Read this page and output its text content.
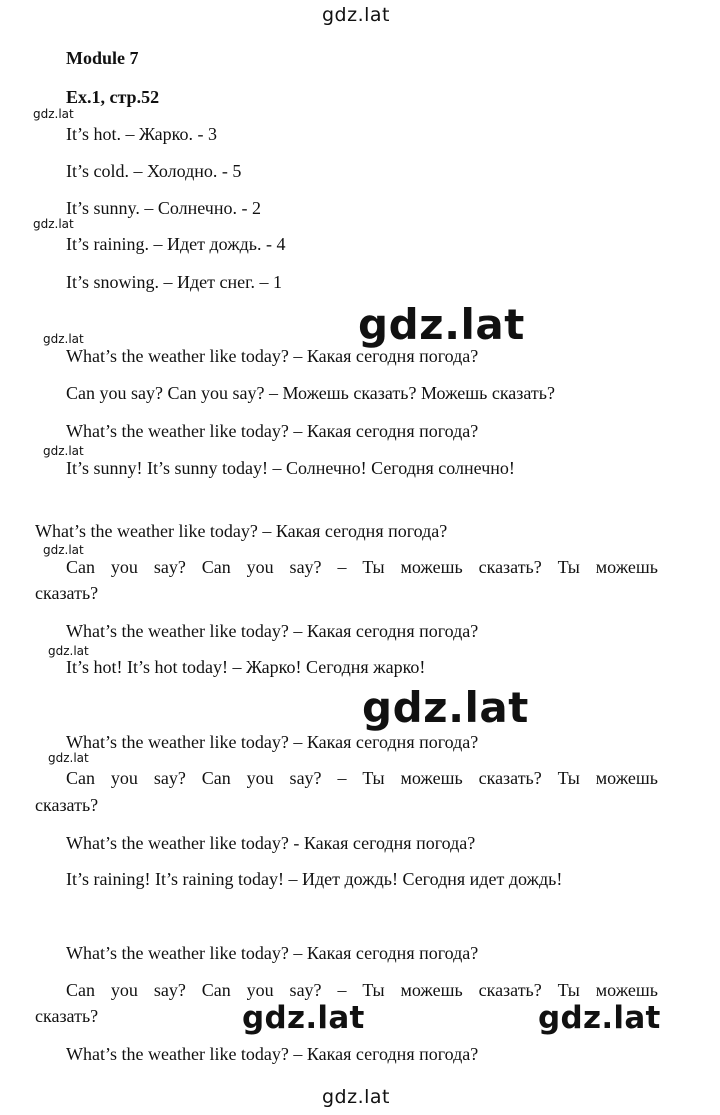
gdz.lat
gdz.lat
gdz.lat
gdz.lat
gdz.lat
gdz.lat
gdz.lat
gdz.lat
gdz.lat
gdz.lat
gdz.lat	gdz.lat
gdz.lat
Module 7
Ex.1, стр.52
It’s hot. – Жарко. - 3
It’s cold. – Холодно. - 5
It’s sunny. – Солнечно. - 2
It’s raining. – Идет дождь. - 4
It’s snowing. – Идет снег. – 1
What’s the weather like today? – Какая сегодня погода?
Can you say? Can you say? – Можешь сказать? Можешь сказать?
What’s the weather like today? – Какая сегодня погода?
It’s sunny! It’s sunny today! – Солнечно! Сегодня солнечно!
What’s the weather like today? – Какая сегодня погода?
Can you say? Can you say? – Ты можешь сказать? Ты можешь
сказать?
What’s the weather like today? – Какая сегодня погода?
It’s hot! It’s hot today! – Жарко! Сегодня жарко!
What’s the weather like today? – Какая сегодня погода?
Can you say? Can you say? – Ты можешь сказать? Ты можешь
сказать?
What’s the weather like today? - Какая сегодня погода?
It’s raining! It’s raining today! – Идет дождь! Сегодня идет дождь!
What’s the weather like today? – Какая сегодня погода?
Can you say? Can you say? – Ты можешь сказать? Ты можешь
сказать?
What’s the weather like today? – Какая сегодня погода?
